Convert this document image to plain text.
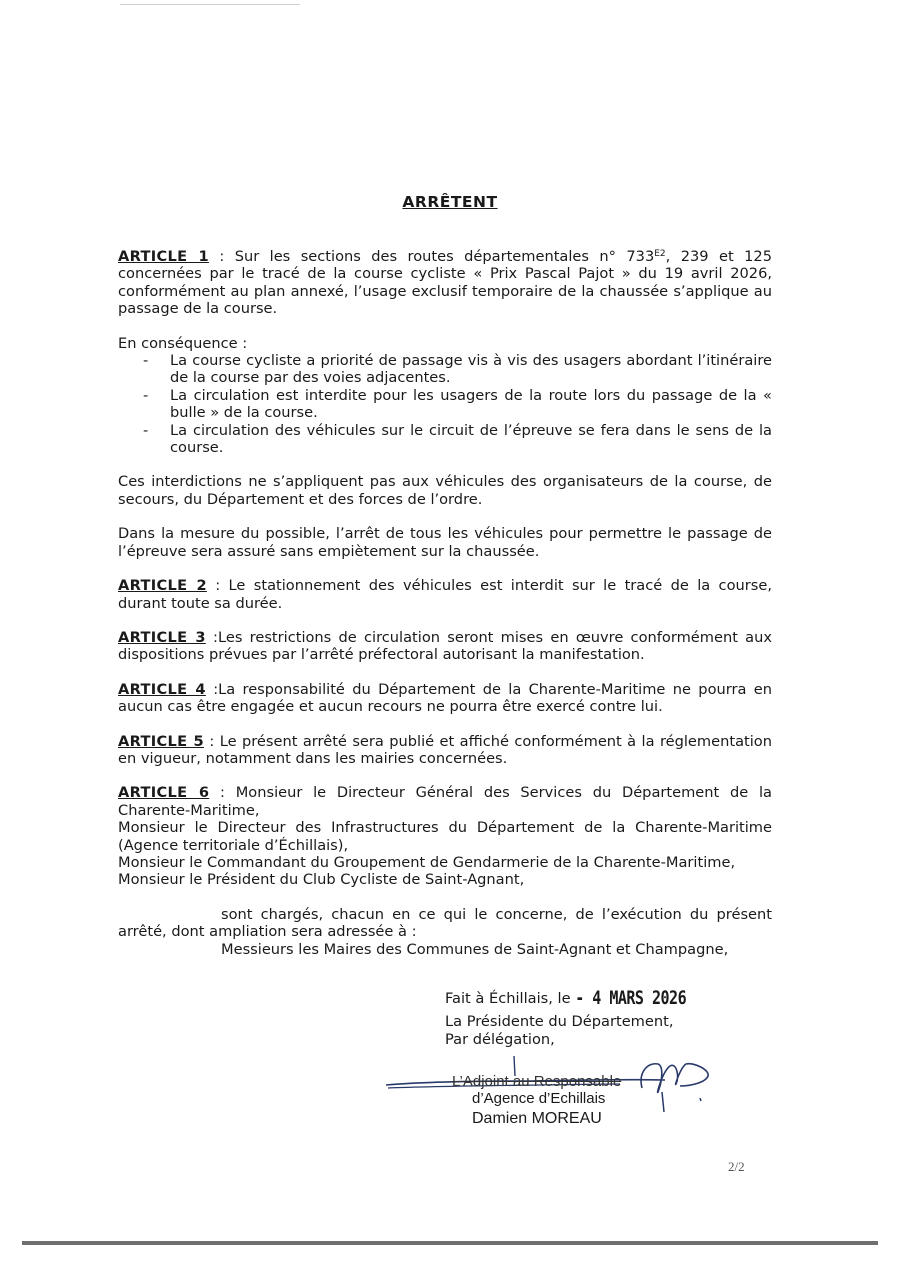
ARRÊTENT

ARTICLE 1 : Sur les sections des routes départementales n° $733^{E2}$, 239 et 125 concernées par le tracé de la course cycliste « Prix Pascal Pajot » du 19 avril 2026, conformément au plan annexé, l’usage exclusif temporaire de la chaussée s’applique au passage de la course.

En conséquence :

- La course cycliste a priorité de passage vis à vis des usagers abordant l’itinéraire de la course par des voies adjacentes.
- La circulation est interdite pour les usagers de la route lors du passage de la « bulle » de la course.
- La circulation des véhicules sur le circuit de l’épreuve se fera dans le sens de la course.

Ces interdictions ne s’appliquent pas aux véhicules des organisateurs de la course, de secours, du Département et des forces de l’ordre.

Dans la mesure du possible, l’arrêt de tous les véhicules pour permettre le passage de l’épreuve sera assuré sans empiètement sur la chaussée.

ARTICLE 2 : Le stationnement des véhicules est interdit sur le tracé de la course, durant toute sa durée.

ARTICLE 3 :Les restrictions de circulation seront mises en œuvre conformément aux dispositions prévues par l’arrêté préfectoral autorisant la manifestation.

ARTICLE 4 :La responsabilité du Département de la Charente-Maritime ne pourra en aucun cas être engagée et aucun recours ne pourra être exercé contre lui.

ARTICLE 5 : Le présent arrêté sera publié et affiché conformément à la réglementation en vigueur, notamment dans les mairies concernées.

ARTICLE 6 : Monsieur le Directeur Général des Services du Département de la Charente-Maritime,

Monsieur le Directeur des Infrastructures du Département de la Charente-Maritime (Agence territoriale d’Échillais),

Monsieur le Commandant du Groupement de Gendarmerie de la Charente-Maritime,

Monsieur le Président du Club Cycliste de Saint-Agnant,

sont chargés, chacun en ce qui le concerne, de l’exécution du présent arrêté, dont ampliation sera adressée à :

Messieurs les Maires des Communes de Saint-Agnant et Champagne,

Fait à Échillais, le - 4 MARS 2026
La Présidente du Département,
Par délégation,
L’Adjoint au Responsable
d’Agence d’Echillais
Damien MOREAU
2/2
